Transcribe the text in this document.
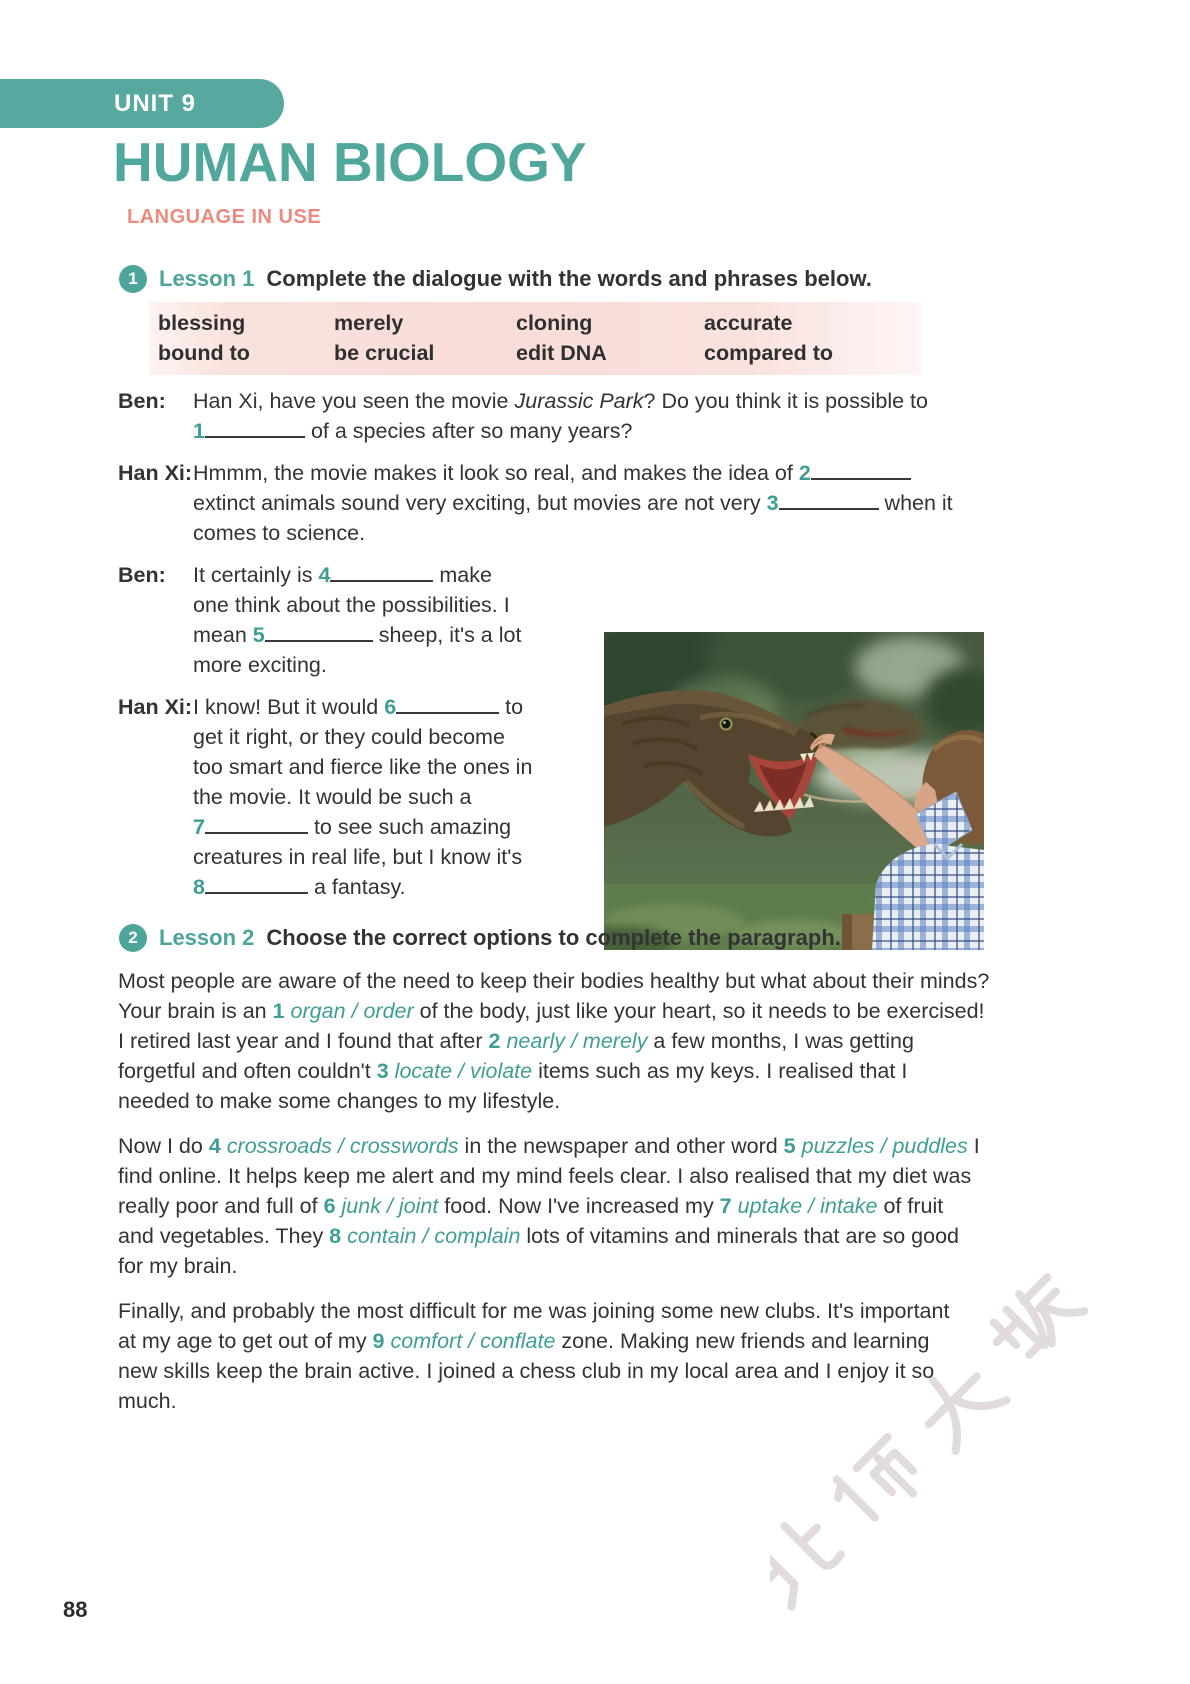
UNIT 9
HUMAN BIOLOGY
LANGUAGE IN USE
1 Lesson 1 Complete the dialogue with the words and phrases below.
blessing	merely	cloning	accurate
bound to	be crucial	edit DNA	compared to
Ben:	Han Xi, have you seen the movie Jurassic Park? Do you think it is possible to
1	of a species after so many years?
Han Xi: Hmmm, the movie makes it look so real, and makes the idea of 2
extinct animals sound very exciting, but movies are not very 3	when it
comes to science.
Ben:	It certainly is 4	make
one think about the possibilities. I
mean 5	sheep, it's a lot
more exciting.
Han Xi: I know! But it would 6	to
get it right, or they could become
too smart and fierce like the ones in
the movie. It would be such a
7	to see such amazing
creatures in real life, but I know it's
8	a fantasy.
2 Lesson 2 Choose the correct options to complete the paragraph.
Most people are aware of the need to keep their bodies healthy but what about their minds?
Your brain is an 1 organ / order of the body, just like your heart, so it needs to be exercised!
I retired last year and I found that after 2 nearly / merely a few months, I was getting
forgetful and often couldn't 3 locate / violate items such as my keys. I realised that I
needed to make some changes to my lifestyle.
Now I do 4 crossroads / crosswords in the newspaper and other word 5 puzzles / puddles I
find online. It helps keep me alert and my mind feels clear. I also realised that my diet was
really poor and full of 6 junk / joint food. Now I've increased my 7 uptake / intake of fruit
and vegetables. They 8 contain / complain lots of vitamins and minerals that are so good
for my brain.
Finally, and probably the most difficult for me was joining some new clubs. It's important
at my age to get out of my 9 comfort / conflate zone. Making new friends and learning
new skills keep the brain active. I joined a chess club in my local area and I enjoy it so
much.
88
